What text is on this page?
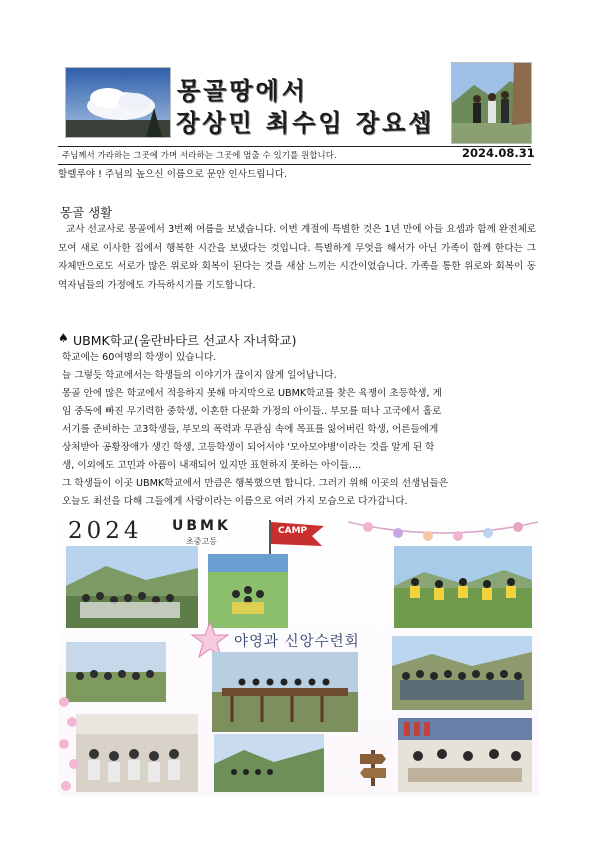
몽골땅에서
장상민 최수임 장요셉
주님께서 가라하는 그곳에 가며 서라하는 그곳에 멈출 수 있기를 원합니다.	2024.08.31
할렐루야 ! 주님의 높으신 이름으로 문안 인사드립니다.
몽골 생활
교사 선교사로 몽골에서 3번째 여름을 보냈습니다. 이번 계절에 특별한 것은 1년 만에 아들 요셉과 함께 완전체로 모여 새로 이사한 집에서 행복한 시간을 보냈다는 것입니다. 특별하게 무엇을 해서가 아닌 가족이 함께 한다는 그 자체만으로도 서로가 많은 위로와 회복이 된다는 것을 새삼 느끼는 시간이었습니다. 가족을 통한 위로와 회복이 동역자님들의 가정에도 가득하시기를 기도합니다.
♠ UBMK학교(울란바타르 선교사 자녀학교)
학교에는 60여명의 학생이 있습니다.
늘 그렇듯 학교에서는 학생들의 이야기가 끊이지 않게 일어납니다.
몽골 안에 많은 학교에서 적응하지 못해 마지막으로 UBMK학교를 찾은 육쟁이 초등학생, 게
임 중독에 빠진 무기력한 중학생, 이혼한 다문화 가정의 아이들.. 부모를 떠나 고국에서 홀로
서기를 준비하는 고3학생들, 부모의 폭력과 무관심 속에 목표를 잃어버린 학생, 어른들에게
상처받아 공황장애가 생긴 학생, 고등학생이 되어서야 '모아모야병'이라는 것을 알게 된 학
생, 이외에도 고민과 아픔이 내재되어 있지만 표현하지 못하는 아이들....
그 학생들이 이곳 UBMK학교에서 만큼은 행복했으면 합니다. 그러기 위해 이곳의 선생님들은
오늘도 최선을 다해 그들에게 사랑이라는 이름으로 여러 가지 모습으로 다가갑니다.
2024 UBMK
초중고등
CAMP
야영과 신앙수련회
